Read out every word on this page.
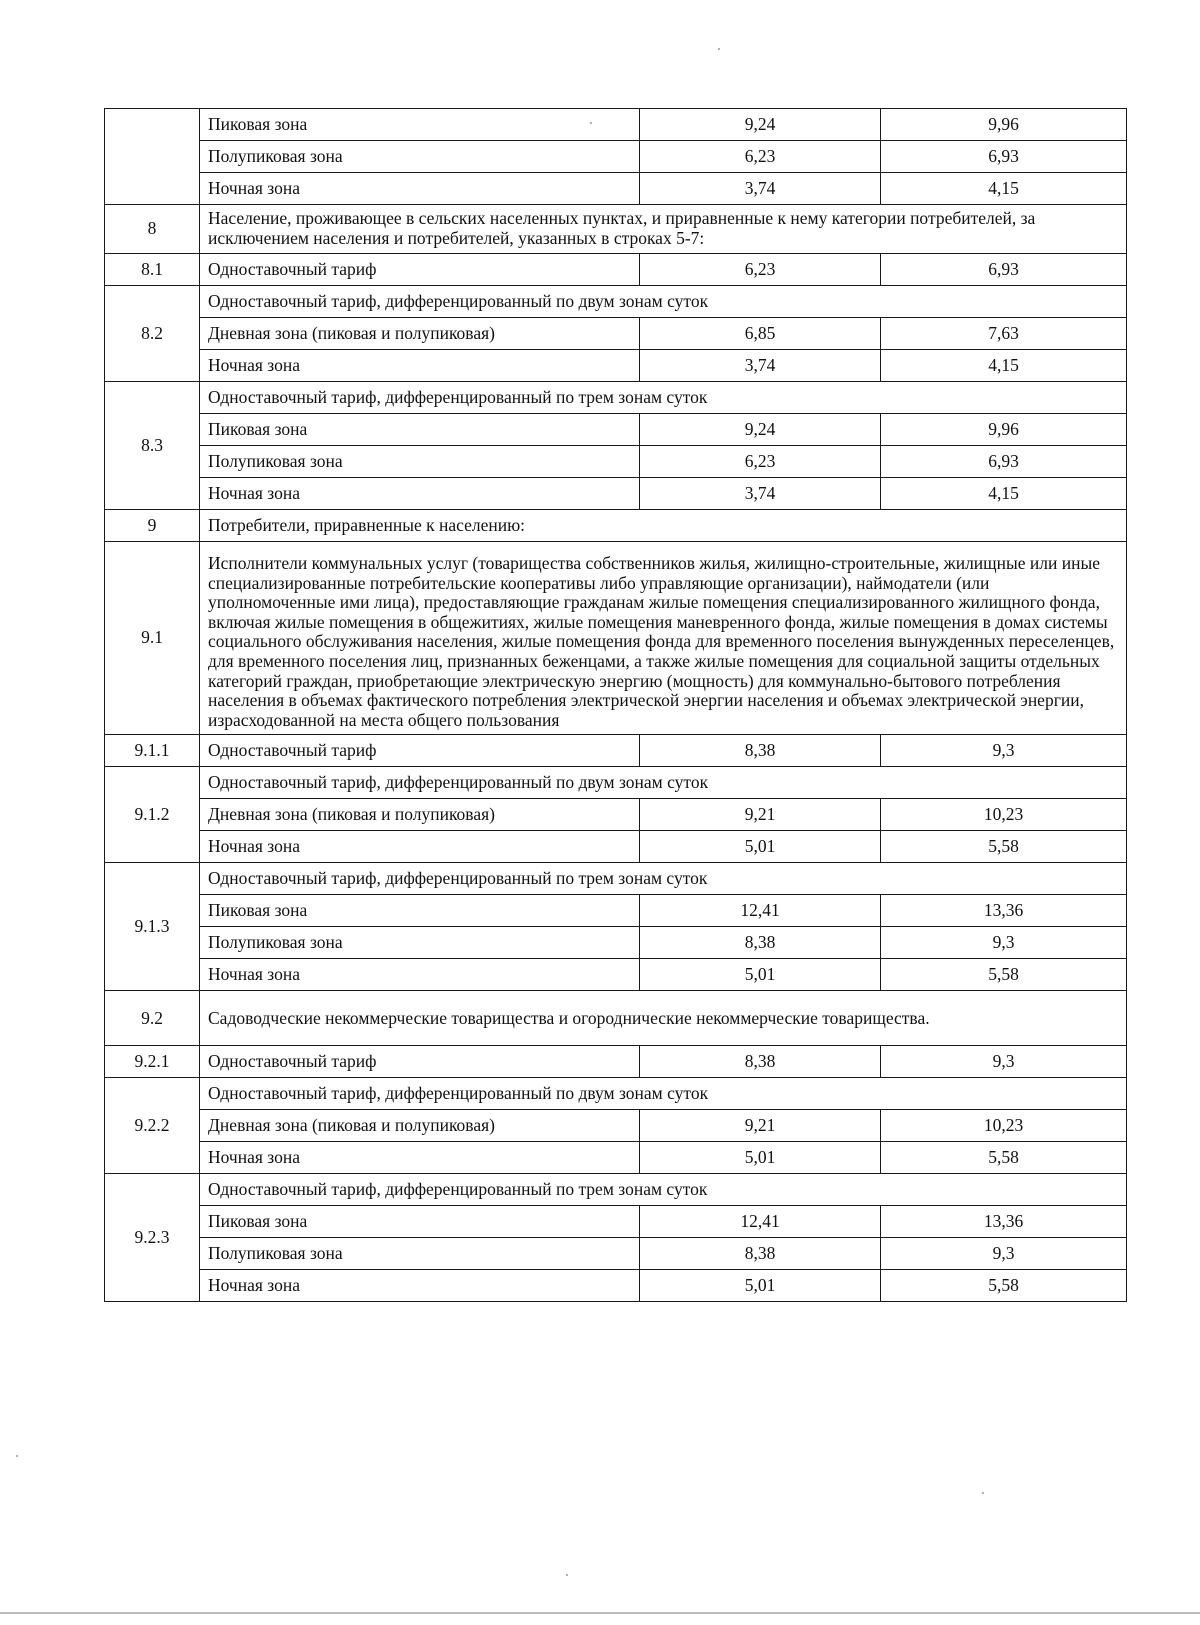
	Пиковая зона	9,24	9,96
	Полупиковая зона	6,23	6,93
	Ночная зона	3,74	4,15
8	Население, проживающее в сельских населенных пунктах, и приравненные к нему категории потребителей, за исключением населения и потребителей, указанных в строках 5-7:		
8.1	Одноставочный тариф	6,23	6,93
8.2	Одноставочный тариф, дифференцированный по двум зонам суток		
	Дневная зона (пиковая и полупиковая)	6,85	7,63
	Ночная зона	3,74	4,15
8.3	Одноставочный тариф, дифференцированный по трем зонам суток		
	Пиковая зона	9,24	9,96
	Полупиковая зона	6,23	6,93
	Ночная зона	3,74	4,15
9	Потребители, приравненные к населению:		
9.1	Исполнители коммунальных услуг (товарищества собственников жилья, жилищно-строительные, жилищные или иные специализированные потребительские кооперативы либо управляющие организации), наймодатели (или уполномоченные ими лица), предоставляющие гражданам жилые помещения специализированного жилищного фонда, включая жилые помещения в общежитиях, жилые помещения маневренного фонда, жилые помещения в домах системы социального обслуживания населения, жилые помещения фонда для временного поселения вынужденных переселенцев, для временного поселения лиц, признанных беженцами, а также жилые помещения для социальной защиты отдельных категорий граждан, приобретающие электрическую энергию (мощность) для коммунально-бытового потребления населения в объемах фактического потребления электрической энергии населения и объемах электрической энергии, израсходованной на места общего пользования		
9.1.1	Одноставочный тариф	8,38	9,3
9.1.2	Одноставочный тариф, дифференцированный по двум зонам суток		
	Дневная зона (пиковая и полупиковая)	9,21	10,23
	Ночная зона	5,01	5,58
9.1.3	Одноставочный тариф, дифференцированный по трем зонам суток		
	Пиковая зона	12,41	13,36
	Полупиковая зона	8,38	9,3
	Ночная зона	5,01	5,58
9.2	Садоводческие некоммерческие товарищества и огороднические некоммерческие товарищества.		
9.2.1	Одноставочный тариф	8,38	9,3
9.2.2	Одноставочный тариф, дифференцированный по двум зонам суток		
	Дневная зона (пиковая и полупиковая)	9,21	10,23
	Ночная зона	5,01	5,58
9.2.3	Одноставочный тариф, дифференцированный по трем зонам суток		
	Пиковая зона	12,41	13,36
	Полупиковая зона	8,38	9,3
	Ночная зона	5,01	5,58
